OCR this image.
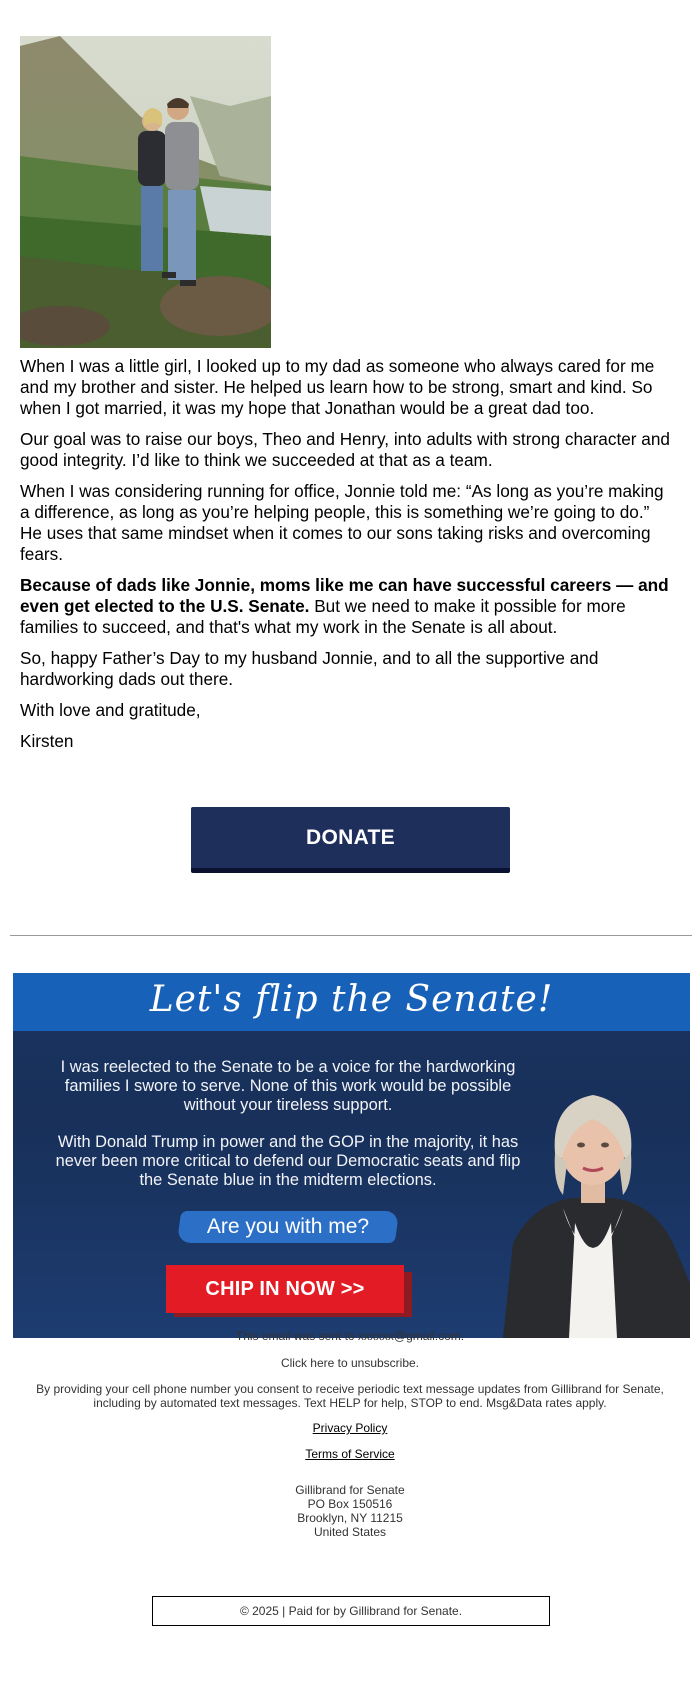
When I was a little girl, I looked up to my dad as someone who always cared for me and my brother and sister. He helped us learn how to be strong, smart and kind. So when I got married, it was my hope that Jonathan would be a great dad too.

Our goal was to raise our boys, Theo and Henry, into adults with strong character and good integrity. I’d like to think we succeeded at that as a team.

When I was considering running for office, Jonnie told me: “As long as you’re making a difference, as long as you’re helping people, this is something we’re going to do.” He uses that same mindset when it comes to our sons taking risks and overcoming fears.

Because of dads like Jonnie, moms like me can have successful careers — and even get elected to the U.S. Senate. But we need to make it possible for more families to succeed, and that's what my work in the Senate is all about.

So, happy Father’s Day to my husband Jonnie, and to all the supportive and hardworking dads out there.

With love and gratitude,

Kirsten

DONATE
Let's flip the Senate!

I was reelected to the Senate to be a voice for the hardworking families I swore to serve. None of this work would be possible without your tireless support.

With Donald Trump in power and the GOP in the majority, it has never been more critical to defend our Democratic seats and flip the Senate blue in the midterm elections.

Are you with me?
CHIP IN NOW >>
This email was sent to xxxxxx@gmail.com.
Click here to unsubscribe.
By providing your cell phone number you consent to receive periodic text message updates from Gillibrand for Senate, including by automated text messages. Text HELP for help, STOP to end. Msg&Data rates apply.
Privacy Policy
Terms of Service
Gillibrand for Senate
PO Box 150516
Brooklyn, NY 11215
United States
© 2025 | Paid for by Gillibrand for Senate.
